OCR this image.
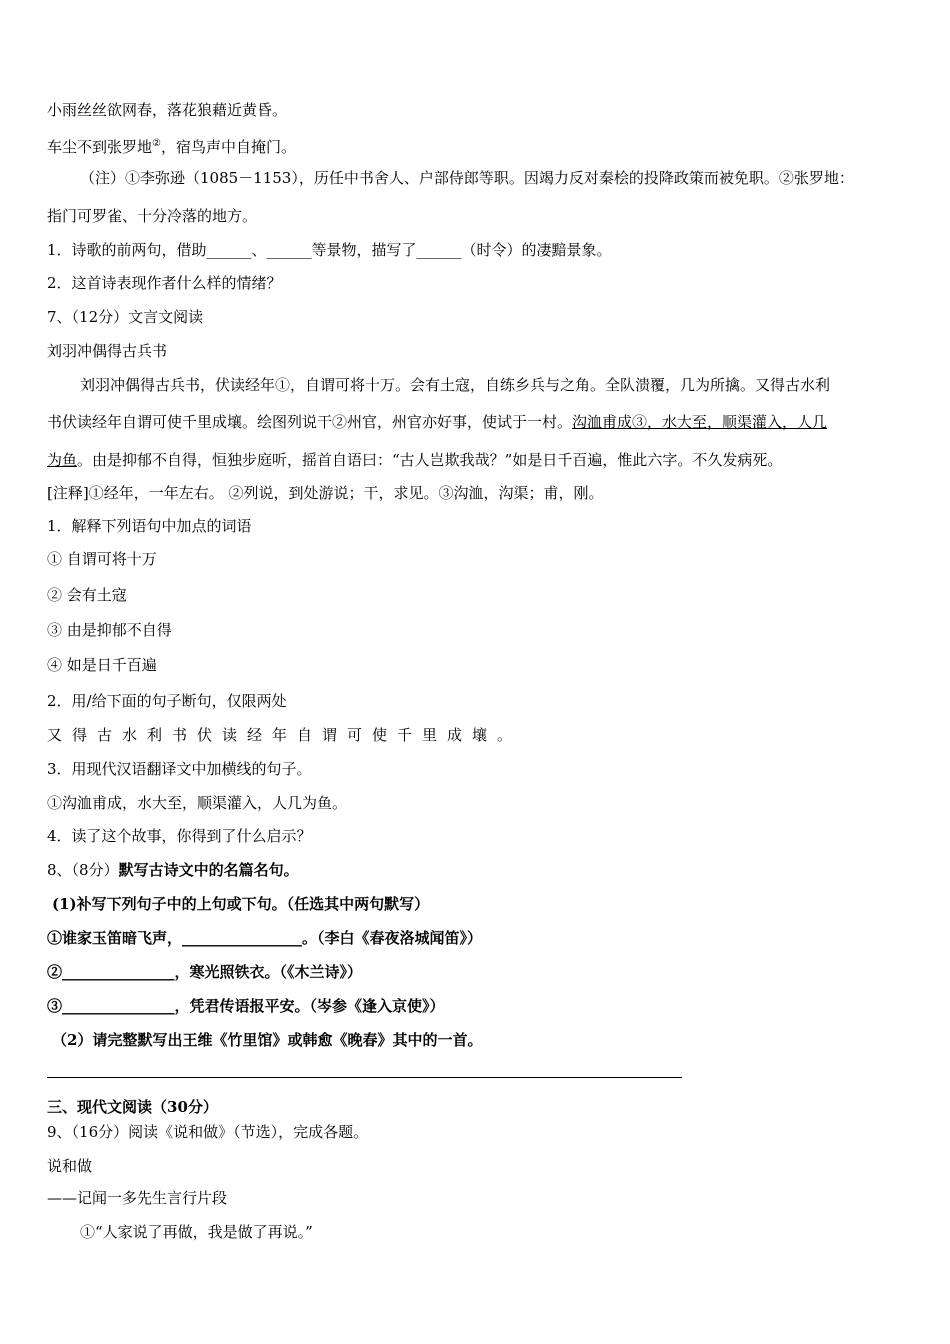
小雨丝丝欲网春，落花狼藉近黄昏。
车尘不到张罗地②，宿鸟声中自掩门。
（注）①李弥逊（1085－1153），历任中书舍人、户部侍郎等职。因竭力反对秦桧的投降政策而被免职。②张罗地：
指门可罗雀、十分冷落的地方。
1．诗歌的前两句，借助______、______等景物，描写了______（时令）的凄黯景象。
2．这首诗表现作者什么样的情绪？
7、（12分）文言文阅读
刘羽冲偶得古兵书
刘羽冲偶得古兵书，伏读经年①，自谓可将十万。会有土寇，自练乡兵与之角。全队溃覆，几为所擒。又得古水利
书伏读经年自谓可使千里成壤。绘图列说干②州官，州官亦好事，使试于一村。沟洫甫成③，水大至，顺渠灌入，人几
为鱼。由是抑郁不自得，恒独步庭听，摇首自语曰：“古人岂欺我哉？”如是日千百遍，惟此六字。不久发病死。
[注释]①经年，一年左右。 ②列说，到处游说；干，求见。③沟洫，沟渠；甫，刚。
1．解释下列语句中加点的词语
① 自谓可将十万
② 会有土寇
③ 由是抑郁不自得
④ 如是日千百遍
2．用/给下面的句子断句，仅限两处
又得古水利书伏读经年自谓可使千里成壤。
3．用现代汉语翻译文中加横线的句子。
①沟洫甫成，水大至，顺渠灌入，人几为鱼。
4．读了这个故事，你得到了什么启示？
8、（8分）默写古诗文中的名篇名句。
(1)补写下列句子中的上句或下句。（任选其中两句默写）
①谁家玉笛暗飞声，________________。（李白《春夜洛城闻笛》）
②_______________，寒光照铁衣。（《木兰诗》）
③_______________，凭君传语报平安。（岑参《逢入京使》）
（2）请完整默写出王维《竹里馆》或韩愈《晚春》其中的一首。
三、现代文阅读（30分）
9、（16分）阅读《说和做》（节选），完成各题。
说和做
——记闻一多先生言行片段
①“人家说了再做，我是做了再说。”
